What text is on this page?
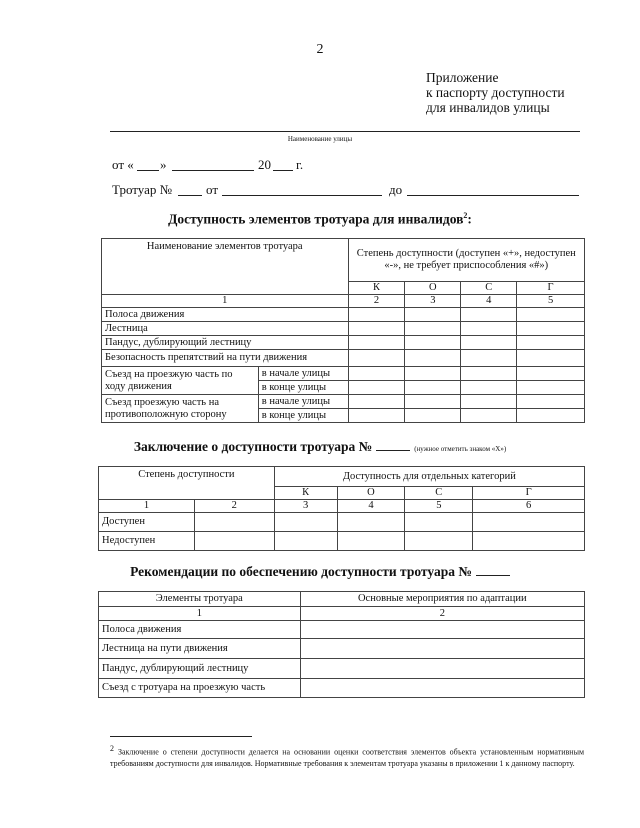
2
Приложение
к паспорту доступности
для инвалидов улицы
Наименование улицы
от « »	20 г.
Тротуар №	от	до
Доступность элементов тротуара для инвалидов$^2$:
Наименование элементов тротуара		Степень доступности (доступен «+», недоступен «-», не требует приспособления «#»)			
		К	О	С	Г
1		2	3	4	5
Полоса движения					
Лестница					
Пандус, дублирующий лестницу					
Безопасность препятствий на пути движения					
Съезд на проезжую часть по ходу движения	в начале улицы				
	в конце улицы				
Съезд проезжую часть на противоположную сторону	в начале улицы				
	в конце улицы				
Заключение о доступности тротуара №	(нужное отметить знаком «Х»)
Степень доступности		Доступность для отдельных категорий			
		К	О	С	Г
1	2	3	4	5	6
Доступен					
Недоступен					
Рекомендации по обеспечению доступности тротуара №
Элементы тротуара	Основные мероприятия по адаптации
1	2
Полоса движения	
Лестница на пути движения	
Пандус, дублирующий лестницу	
Съезд с тротуара на проезжую часть	
$^2$ Заключение о степени доступности делается на основании оценки соответствия элементов объекта установленным нормативным требованиям доступности для инвалидов. Нормативные требования к элементам тротуара указаны в приложении 1 к данному паспорту.
